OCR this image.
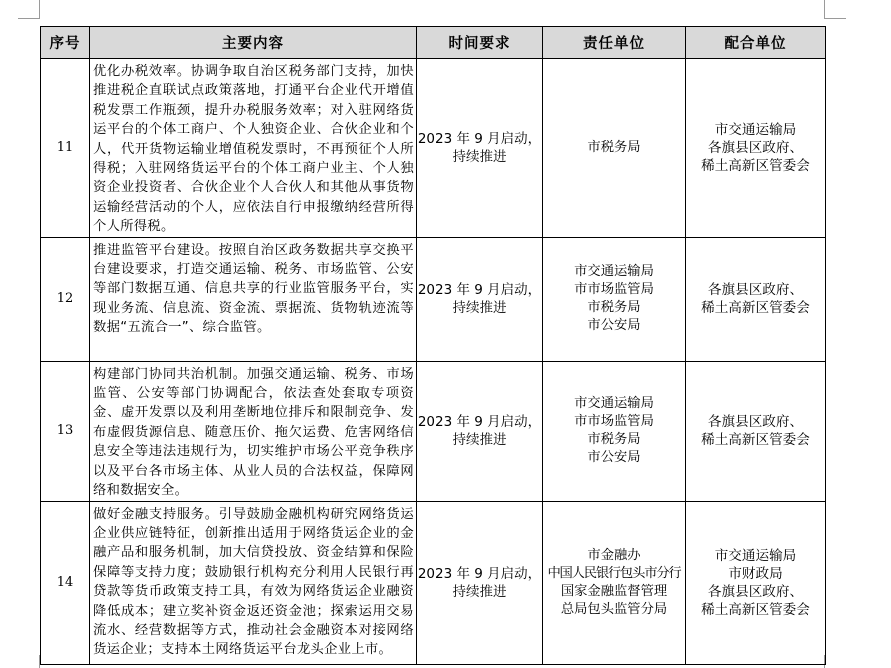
序号	主要内容	时间要求	责任单位	配合单位
11	优化办税效率。协调争取自治区税务部门支持，加快推进税企直联试点政策落地，打通平台企业代开增值税发票工作瓶颈，提升办税服务效率；对入驻网络货运平台的个体工商户、个人独资企业、合伙企业和个人，代开货物运输业增值税发票时，不再预征个人所得税；入驻网络货运平台的个体工商户业主、个人独资企业投资者、合伙企业个人合伙人和其他从事货物运输经营活动的个人，应依法自行申报缴纳经营所得个人所得税。	2023 年 9 月启动，
持续推进	市税务局	市交通运输局
各旗县区政府、
稀土高新区管委会

12	推进监管平台建设。按照自治区政务数据共享交换平台建设要求，打造交通运输、税务、市场监管、公安等部门数据互通、信息共享的行业监管服务平台，实现业务流、信息流、资金流、票据流、货物轨迹流等数据“五流合一”、综合监管。	2023 年 9 月启动，
持续推进	市交通运输局
市市场监管局
市税务局
市公安局	各旗县区政府、
稀土高新区管委会

13	构建部门协同共治机制。加强交通运输、税务、市场监管、公安等部门协调配合，依法查处套取专项资金、虚开发票以及利用垄断地位排斥和限制竞争、发布虚假货源信息、随意压价、拖欠运费、危害网络信息安全等违法违规行为，切实维护市场公平竞争秩序以及平台各市场主体、从业人员的合法权益，保障网络和数据安全。	2023 年 9 月启动，
持续推进	市交通运输局
市市场监管局
市税务局
市公安局	各旗县区政府、
稀土高新区管委会

14	做好金融支持服务。引导鼓励金融机构研究网络货运企业供应链特征，创新推出适用于网络货运企业的金融产品和服务机制，加大信贷投放、资金结算和保险保障等支持力度；鼓励银行机构充分利用人民银行再贷款等货币政策支持工具，有效为网络货运企业融资降低成本；建立奖补资金返还资金池；探索运用交易流水、经营数据等方式，推动社会金融资本对接网络货运企业；支持本土网络货运平台龙头企业上市。	2023 年 9 月启动，
持续推进	市金融办
中国人民银行包头市分行
国家金融监督管理
总局包头监管分局	市交通运输局
市财政局
各旗县区政府、
稀土高新区管委会
